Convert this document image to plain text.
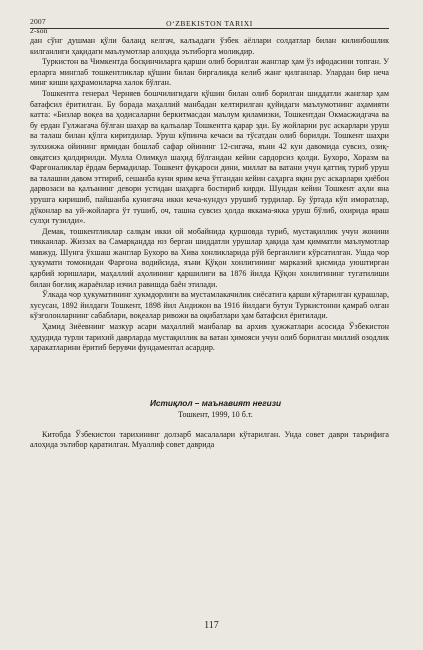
2007
2-son
O‘ZBEKISTON TARIXI

дан сўнг душман қўли баланд келгач, калъадаги ўзбек аёллари солдатлар билан килинбошлик килганлиги ҳақидаги маълумотлар алоҳида эътиборга моликдир.

Туркистон ва Чимкентда босқинчиларга қарши олиб борилган жанглар ҳам ўз ифодасини топган. У ерларга минглаб тошкентликлар қўшин билан биргаликда келиб жанг қилганлар. Улардан бир неча минг киши қаҳрамонларча халок бўлган.

Тошкентга генерал Черняев бошчилигидаги қўшин билан олиб борилган шиддатли жанглар ҳам батафсил ёритилган. Бу борада маҳаллий манбадан келтирилган қуйидаги маълумотнинг аҳамияти катта: «Бизлар воқеа ва ҳодисаларни беркитмасдан маълум қиламизки, Тошкентдан Окмасжидгача ва бу ердан Гулжагача бўлган шаҳар ва қалъалар Тошкентга қарар эди. Бу жойларни рус аскарлари уруш ва талаш билан қўлга киритдилар. Уруш кўпинча кечаси ва тўсатдан олиб борилди. Тошкент шаҳри зулхижжа ойининг ярмидан бошлаб сафар ойининг 12-сигача, яъни 42 кун давомида сувсиз, озиқ-овқатсиз қолдирилди. Мулла Олимқул шаҳид бўлгандан кейин сардорсиз қолди. Бухоро, Хоразм ва Фарғоналиклар ёрдам бермадилар. Тошкент фуқароси дини, миллат ва ватани учун қаттиқ туриб уруш ва талашни давом эттириб, сешанба куни ярим кеча ўтгандан кейин саҳарга яқин рус аскарлари ҳиёбон дарвозаси ва қалъанинг девори устидан шаҳарга бостириб кирди. Шундан кейин Тошкент аҳли яна урушга киришиб, пайшанба кунигача икки кеча-кундуз урушиб турдилар. Бу ўртада кўп иморатлар, дўконлар ва уй-жойларга ўт тушиб, оч, ташна сувсиз ҳолда яккама-якка уруш бўлиб, охирида яраш сулҳи тузилди».

Демак, тошкентликлар салқам икки ой мобайнида қуршовда туриб, мустақиллик учун жонини тикканлар. Жиззах ва Самарқандда юз берган шиддатли урушлар ҳақида ҳам қимматли маълумотлар мавжуд. Шунга ўхшаш жанглар Бухоро ва Хива хонликларида рўй берганлиги кўрсатилган. Ушда чор ҳукумати томонидан Фарғона водийсида, яъни Қўқон хонлигининг марказий қисмида уюштирган қарбий юришлари, маҳаллий аҳолининг қаршилиги ва 1876 йилда Қўқон хонлигининг тугатилиши билан боғлиқ жараёнлар изчил равишда баён этилади.

Ўлкада чор ҳукуматининг ҳукмдорлиги ва мустамлакачилик сиёсатига қарши кўтарилган қурашлар, хусусан, 1892 йилдаги Тошкент, 1898 йил Андижон ва 1916 йилдаги бутун Туркистонни қамраб олган кўзғолонларнинг сабаблари, воқеалар ривожи ва оқибатлари ҳам батафсил ёритилади.

Ҳамид Зиёевнинг мазкур асари маҳаллий манбалар ва архив ҳужжатлари асосида Ўзбекистон ҳудудида турли тарихий даврларда мустақиллик ва ватан ҳимояси учун олиб борилган миллий озодлик ҳаракатларини ёритиб берувчи фундаментал асардир.

Истиқлол – маънавият негизи

Тошкент, 1999, 10 б.т.

Китобда Ўзбекистон тарихининг долзарб масалалари кўтарилган. Унда совет даври таърифига алоҳида эътибор қаратилган. Муаллиф совет даврида

117
